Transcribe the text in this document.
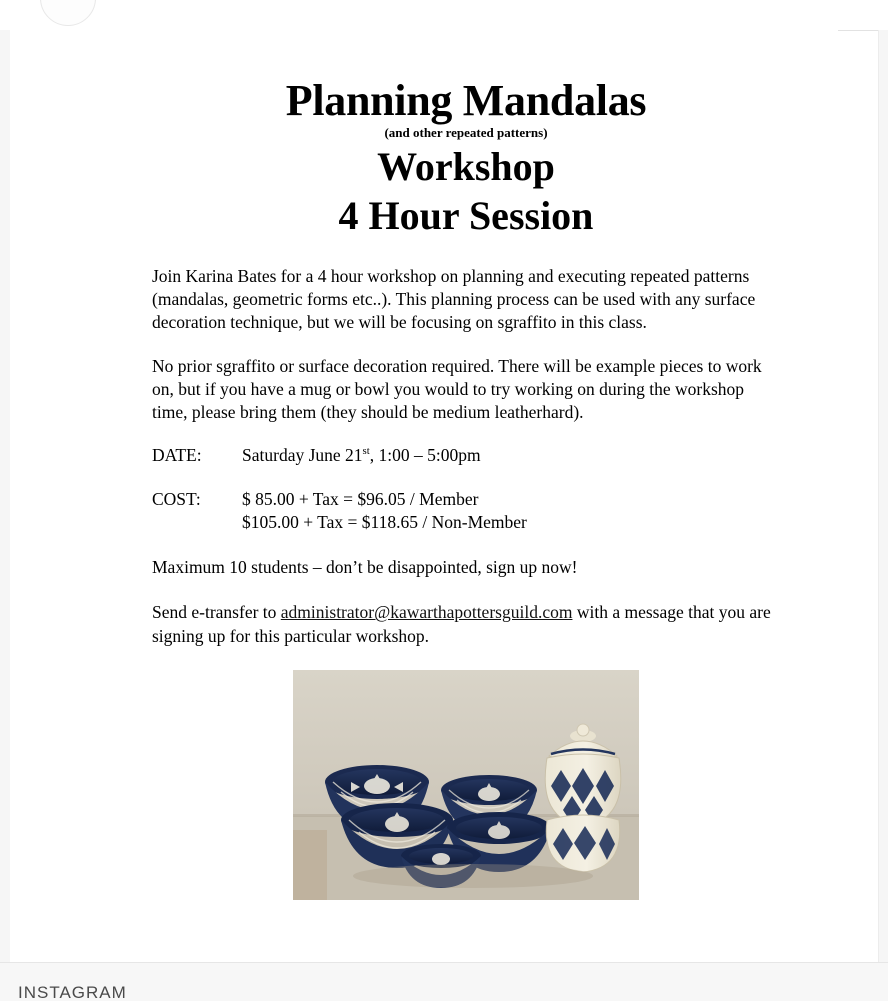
Planning Mandalas
(and other repeated patterns)
Workshop
4 Hour Session
Join Karina Bates for a 4 hour workshop on planning and executing repeated patterns (mandalas, geometric forms etc..). This planning process can be used with any surface decoration technique, but we will be focusing on sgraffito in this class.
No prior sgraffito or surface decoration required. There will be example pieces to work on, but if you have a mug or bowl you would to try working on during the workshop time, please bring them (they should be medium leatherhard).
DATE:	Saturday June 21st, 1:00 – 5:00pm
COST:	$ 85.00 + Tax = $96.05 / Member
$105.00 + Tax = $118.65 / Non-Member
Maximum 10 students – don’t be disappointed, sign up now!
Send e-transfer to administrator@kawarthapottersguild.com with a message that you are signing up for this particular workshop.
INSTAGRAM
